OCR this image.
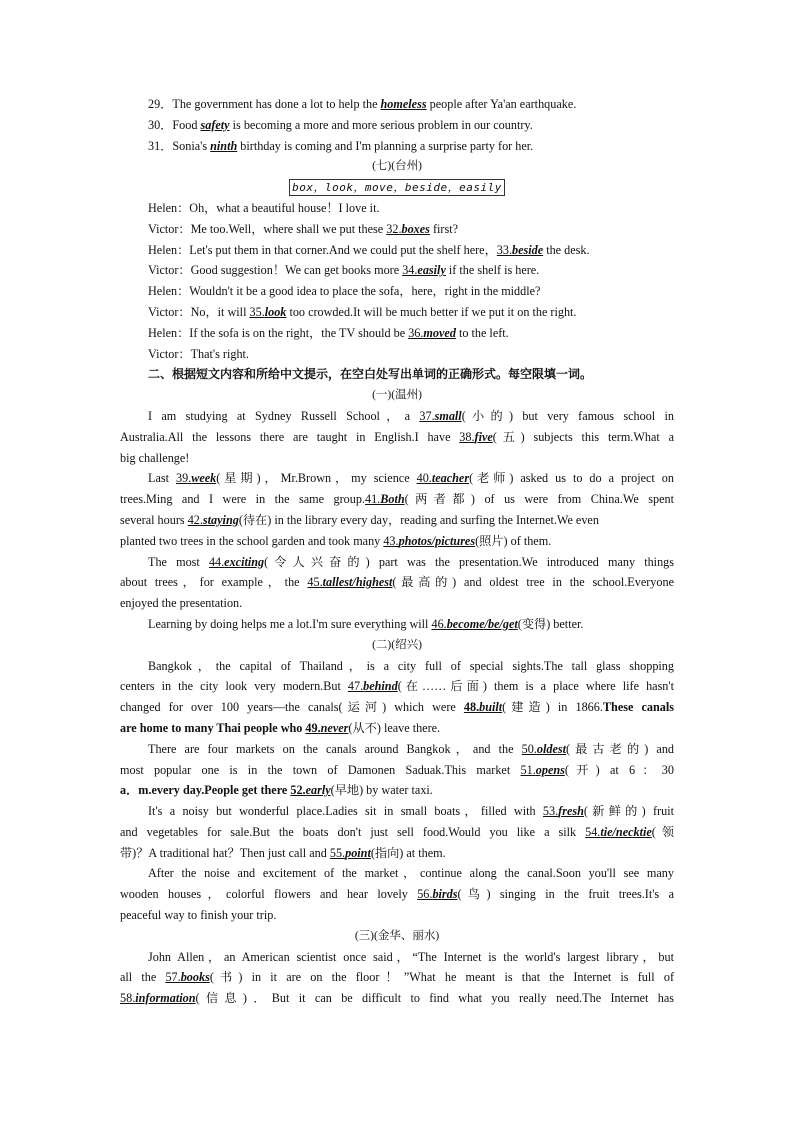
29．The government has done a lot to help the homeless people after Ya'an earthquake.
30．Food safety is becoming a more and more serious problem in our country.
31．Sonia's ninth birthday is coming and I'm planning a surprise party for her.
(七)(台州)
box，look，move，beside，easily
Helen：Oh，what a beautiful house！I love it.
Victor：Me too.Well，where shall we put these 32.boxes first?
Helen：Let's put them in that corner.And we could put the shelf here，33.beside the desk.
Victor：Good suggestion！We can get books more 34.easily if the shelf is here.
Helen：Wouldn't it be a good idea to place the sofa，here，right in the middle?
Victor：No，it will 35.look too crowded.It will be much better if we put it on the right.
Helen：If the sofa is on the right，the TV should be 36.moved to the left.
Victor：That's right.
二、根据短文内容和所给中文提示，在空白处写出单词的正确形式。每空限填一词。
(一)(温州)
I am studying at Sydney Russell School，a 37.small(小的) but very famous school in
Australia.All the lessons there are taught in English.I have 38.five(五) subjects this term.What a
big challenge!
Last 39.week(星期)，Mr.Brown，my science 40.teacher(老师) asked us to do a project on
trees.Ming and I were in the same group.41.Both(两者都) of us were from China.We spent
several hours 42.staying(待在) in the library every day，reading and surfing the Internet.We even
planted two trees in the school garden and took many 43.photos/pictures(照片) of them.
The most 44.exciting(令人兴奋的) part was the presentation.We introduced many things
about trees，for example，the 45.tallest/highest(最高的) and oldest tree in the school.Everyone
enjoyed the presentation.
Learning by doing helps me a lot.I'm sure everything will 46.become/be/get(变得) better.
(二)(绍兴)
Bangkok，the capital of Thailand，is a city full of special sights.The tall glass shopping
centers in the city look very modern.But 47.behind(在……后面) them is a place where life hasn't
changed for over 100 years—the canals(运河) which were 48.built(建造) in 1866.These canals
are home to many Thai people who 49.never(从不) leave there.
There are four markets on the canals around Bangkok，and the 50.oldest(最古老的) and
most popular one is in the town of Damonen Saduak.This market 51.opens(开) at 6：30
a．m.every day.People get there 52.early(早地) by water taxi.
It's a noisy but wonderful place.Ladies sit in small boats，filled with 53.fresh(新鲜的) fruit
and vegetables for sale.But the boats don't just sell food.Would you like a silk 54.tie/necktie(领
带)？A traditional hat？Then just call and 55.point(指向) at them.
After the noise and excitement of the market，continue along the canal.Soon you'll see many
wooden houses，colorful flowers and hear lovely 56.birds(鸟) singing in the fruit trees.It's a
peaceful way to finish your trip.
(三)(金华、丽水)
John Allen，an American scientist once said，“The Internet is the world's largest library，but
all the 57.books(书) in it are on the floor！”What he meant is that the Internet is full of
58.information(信息)．But it can be difficult to find what you really need.The Internet has
